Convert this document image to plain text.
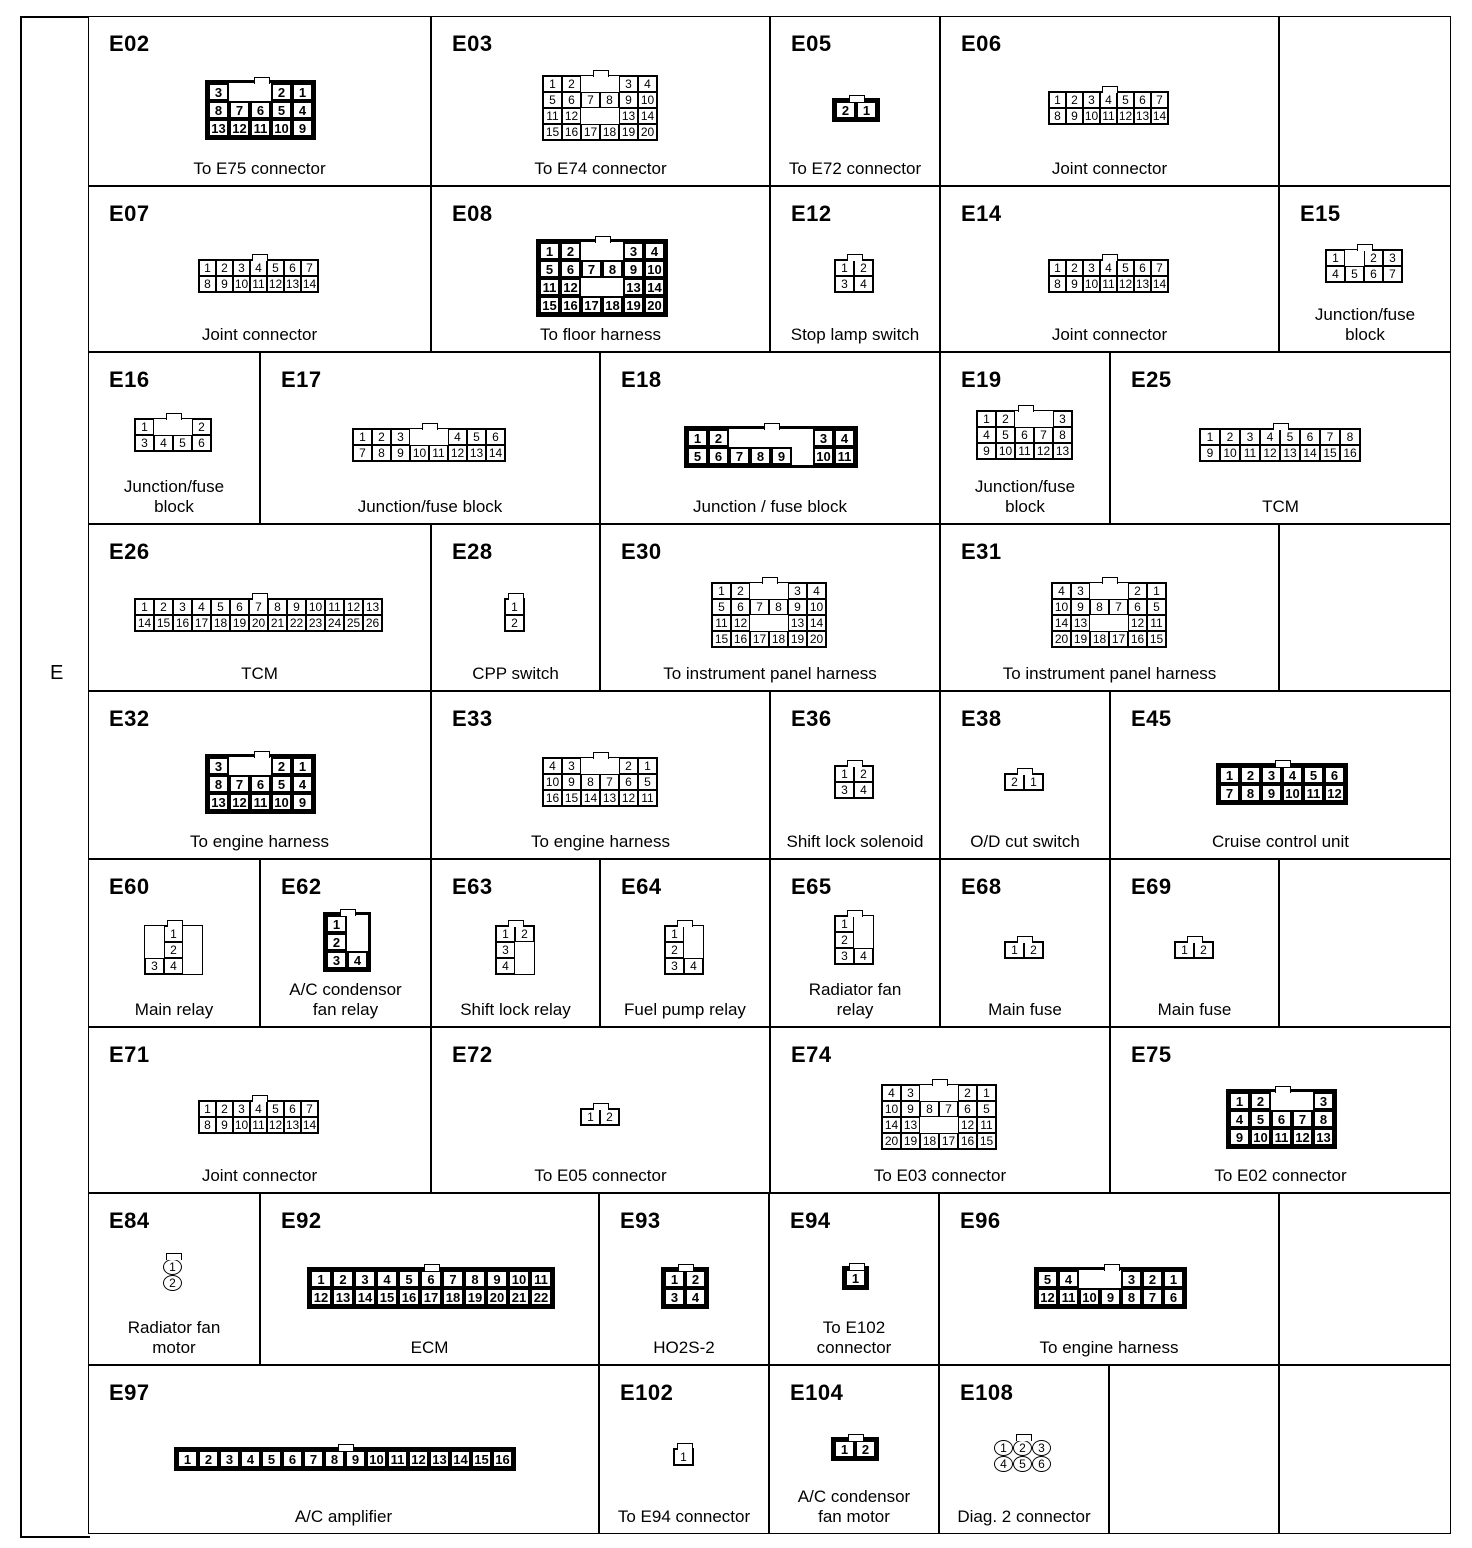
E
E02
3	2	1
8	7	6	5	4
13 12 11 10 9
To E75 connector
E03
1	2	3	4
5	6	7	8	9 10
11 12	13 14
15 16 17 18 19 20
To E74 connector
E05
2	1
To E72 connector
E06
1 2 3 4 5 6 7
8 9 10 11 12 13 14
Joint connector
E07
1 2 3 4 5 6 7
8 9 10 11 12 13 14
Joint connector
E08
1	2	3	4
5	6	7	8	9 10
11 12	13 14
15 16 17 18 19 20
To floor harness
E12
1	2
3	4
Stop lamp switch
E14
1 2 3 4 5 6 7
8 9 10 11 12 13 14
Joint connector
E15
1	2	3
4	5	6	7
Junction/fuse
block
E16
1	2
3	4	5	6
Junction/fuse
block
E17
1	2	3	4	5	6
7	8	9 10 11 12 13 14
Junction/fuse block
E18
1	2	3	4
5	6	7	8	9	10 11
Junction / fuse block
E19
1	2	3
4	5	6	7	8
9 10 11 12 13
Junction/fuse
block
E25
1	2	3	4	5	6	7	8
9 10 11 12 13 14 15 16
TCM
E26
1	2	3	4	5	6	7	8	9 10 11 12 13
14 15 16 17 18 19 20 21 22 23 24 25 26
TCM
E28
1
2
CPP switch
E30
1	2	3	4
5	6	7	8	9 10
11 12	13 14
15 16 17 18 19 20
To instrument panel harness
E31
4	3	2	1
10 9	8	7	6	5
14 13	12 11
20 19 18 17 16 15
To instrument panel harness
E32
3	2	1
8	7	6	5	4
13 12 11 10 9
To engine harness
E33
4	3	2	1
10 9	8	7	6	5
16 15 14 13 12 11
To engine harness
E36
1	2
3	4
Shift lock solenoid
E38
2	1
O/D cut switch
E45
1	2	3	4	5	6
7	8	9 10 11 12
Cruise control unit
E60
1
2
3	4
Main relay
E62
1
2
3	4
A/C condensor
fan relay
E63
1	2
3
4
Shift lock relay
E64
1
2
3	4
Fuel pump relay
E65
1
2
3	4
Radiator fan
relay
E68
1	2
Main fuse
E69
1	2
Main fuse
E71
1 2 3 4 5 6 7
8 9 10 11 12 13 14
Joint connector
E72
1	2
To E05 connector
E74
4	3	2	1
10 9	8	7	6	5
14 13	12 11
20 19 18 17 16 15
To E03 connector
E75
1	2	3
4	5	6	7	8
9 10 11 12 13
To E02 connector
E84
1
2
Radiator fan
motor
E92
1	2	3	4	5	6	7	8	9 10 11
12 13 14 15 16 17 18 19 20 21 22
ECM
E93
1	2
3	4
HO2S-2
E94
1
To E102
connector
E96
5	4	3	2	1
12 11 10 9	8	7	6
To engine harness
E97
1	2	3	4	5	6	7	8	9 10 11 12 13 14 15 16
A/C amplifier
E102
1
To E94 connector
E104
1	2
A/C condensor
fan motor
E108
1	2	3
4	5	6
Diag. 2 connector
